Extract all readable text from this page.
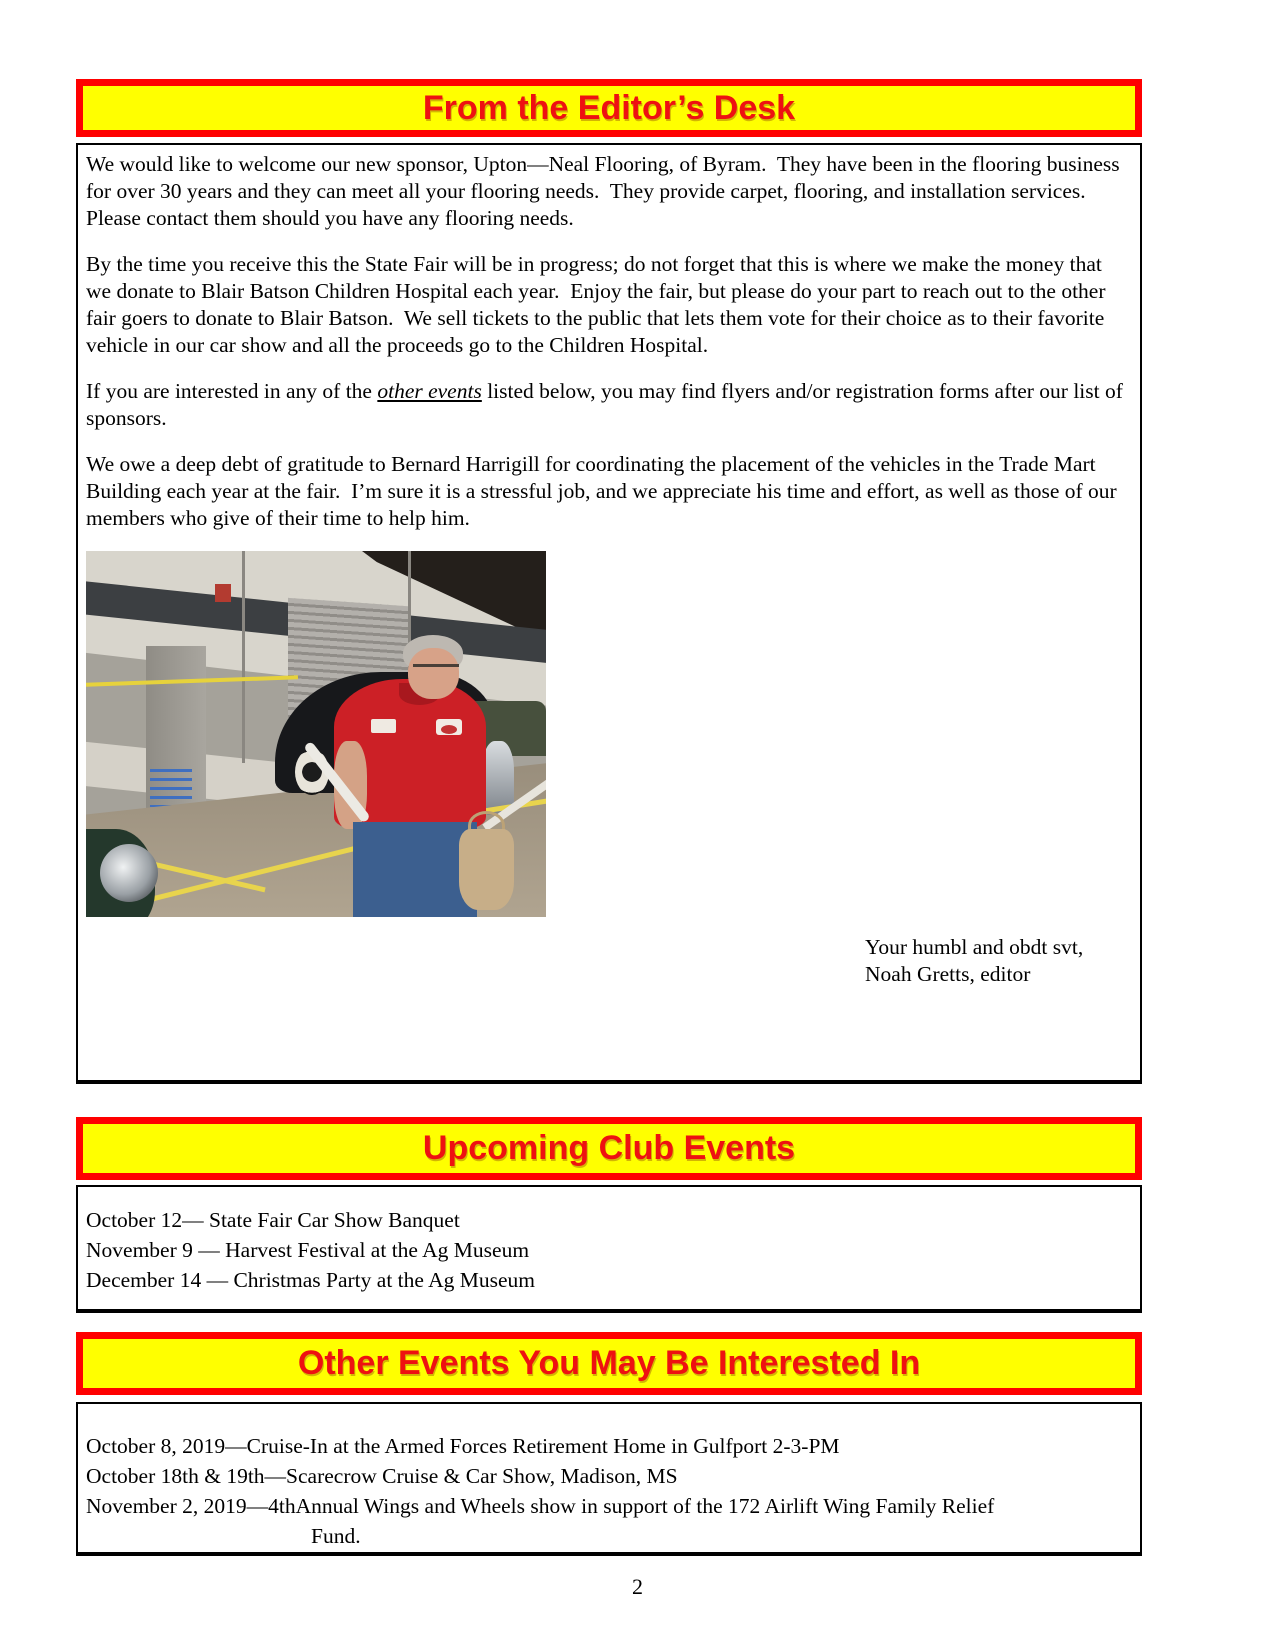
From the Editor’s Desk

We would like to welcome our new sponsor, Upton—Neal Flooring, of Byram.  They have been in the flooring business for over 30 years and they can meet all your flooring needs.  They provide carpet, flooring, and installation services.  Please contact them should you have any flooring needs.

By the time you receive this the State Fair will be in progress; do not forget that this is where we make the money that we donate to Blair Batson Children Hospital each year.  Enjoy the fair, but please do your part to reach out to the other fair goers to donate to Blair Batson.  We sell tickets to the public that lets them vote for their choice as to their favorite vehicle in our car show and all the proceeds go to the Children Hospital.

If you are interested in any of the other events listed below, you may find flyers and/or registration forms after our list of sponsors.

We owe a deep debt of gratitude to Bernard Harrigill for coordinating the placement of the vehicles in the Trade Mart Building each year at the fair.  I’m sure it is a stressful job, and we appreciate his time and effort, as well as those of our members who give of their time to help him.

Your humbl and obdt svt,
Noah Gretts, editor
Upcoming Club Events
October 12— State Fair Car Show Banquet
November 9 — Harvest Festival at the Ag Museum
December 14 — Christmas Party at the Ag Museum
Other Events You May Be Interested In
October 8, 2019—Cruise-In at the Armed Forces Retirement Home in Gulfport 2-3-PM
October 18th & 19th—Scarecrow Cruise & Car Show, Madison, MS
November 2, 2019—4thAnnual Wings and Wheels show in support of the 172 Airlift Wing Family Relief
Fund.
2
